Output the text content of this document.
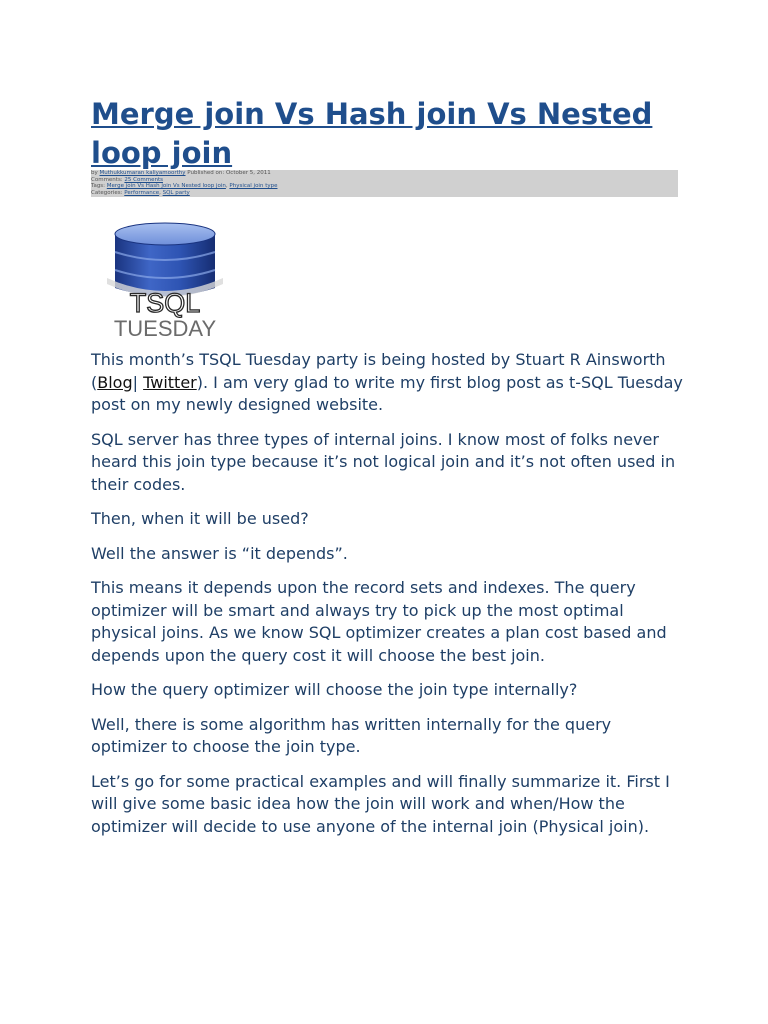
Merge join Vs Hash join Vs Nested loop join
by Muthukkumaran kaliyamoorthy Published on: October 5, 2011
Comments: 25 Comments
Tags: Merge join Vs Hash join Vs Nested loop join, Physical join type
Categories: Performance, SQL party
TSQL
TUESDAY

This month’s TSQL Tuesday party is being hosted by Stuart R Ainsworth (Blog| Twitter). I am very glad to write my first blog post as t-SQL Tuesday post on my newly designed website.

SQL server has three types of internal joins. I know most of folks never heard this join type because it’s not logical join and it’s not often used in their codes.

Then, when it will be used?

Well the answer is “it depends”.

This means it depends upon the record sets and indexes. The query optimizer will be smart and always try to pick up the most optimal physical joins. As we know SQL optimizer creates a plan cost based and depends upon the query cost it will choose the best join.

How the query optimizer will choose the join type internally?

Well, there is some algorithm has written internally for the query optimizer to choose the join type.

Let’s go for some practical examples and will finally summarize it. First I will give some basic idea how the join will work and when/How the optimizer will decide to use anyone of the internal join (Physical join).
